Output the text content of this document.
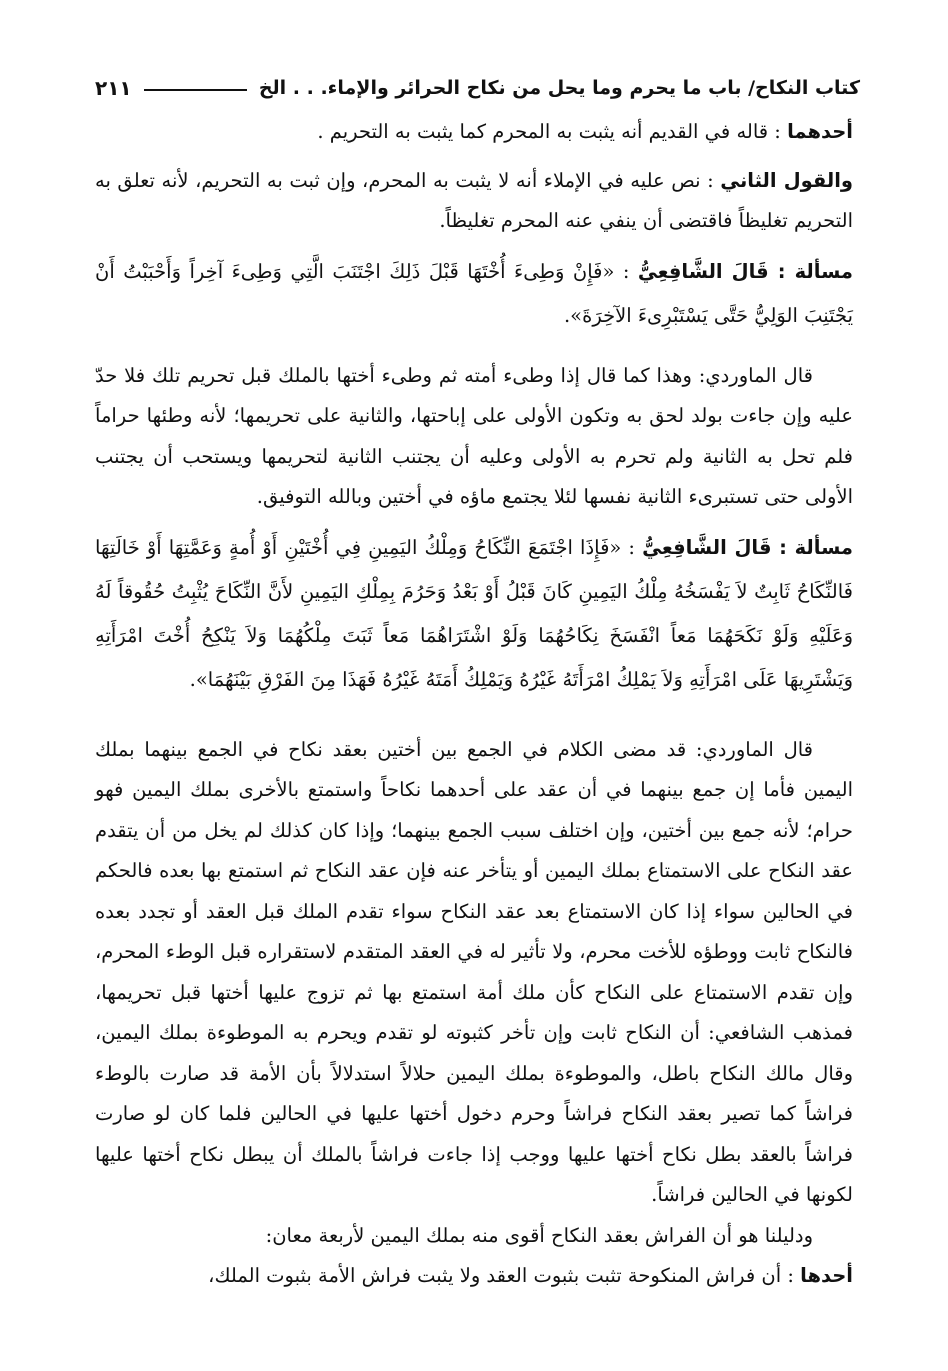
كتاب النكاح/ باب ما يحرم وما يحل من نكاح الحرائر والإماء. . . الخ
٢١١

أحدهما : قاله في القديم أنه يثبت به المحرم كما يثبت به التحريم .

والقول الثاني : نص عليه في الإملاء أنه لا يثبت به المحرم، وإن ثبت به التحريم، لأنه تعلق به التحريم تغليظاً فاقتضى أن ينفي عنه المحرم تغليظاً.

مسألة : قَالَ الشَّافِعِيُّ : «فَإِنْ وَطِىءَ أُخْتَهَا قَبْلَ ذَلِكَ اجْتَنَبَ الَّتِي وَطِىءَ آخِراً وَأَحْبَبْتُ أَنْ يَجْتَنِبَ الوَلِيُّ حَتَّى يَسْتَبْرِىءَ الآخِرَةَ».

قال الماوردي: وهذا كما قال إذا وطىء أمته ثم وطىء أختها بالملك قبل تحريم تلك فلا حدّ عليه وإن جاءت بولد لحق به وتكون الأولى على إباحتها، والثانية على تحريمها؛ لأنه وطئها حراماً فلم تحل به الثانية ولم تحرم به الأولى وعليه أن يجتنب الثانية لتحريمها ويستحب أن يجتنب الأولى حتى تستبرىء الثانية نفسها لئلا يجتمع ماؤه في أختين وبالله التوفيق.

مسألة : قَالَ الشَّافِعِيُّ : «فَإِذَا اجْتَمَعَ النِّكَاحُ وَمِلْكُ اليَمِينِ فِي أُخْتَيْنِ أَوْ أُمةٍ وَعَمَّتِهَا أَوْ خَالَتِهَا فَالنِّكَاحُ ثَابِتٌ لاَ يَفْسَخُهُ مِلْكُ اليَمِينِ كَانَ قَبْلُ أَوْ بَعْدُ وَحَرُمَ بِمِلْكِ اليَمِينِ لأَنَّ النِّكَاحَ يُثْبِتُ حُقُوقاً لَهُ وَعَلَيْهِ وَلَوْ نَكَحَهُمَا مَعاً انْفَسَخَ نِكَاحُهُمَا وَلَوْ اشْتَرَاهُمَا مَعاً ثَبَتَ مِلْكُهُمَا وَلاَ يَنْكِحُ أُخْتَ امْرَأَتِهِ وَيَشْتَرِيهَا عَلَى امْرَأَتِهِ وَلاَ يَمْلِكُ امْرَأَتَهُ غَيْرُهُ وَيَمْلِكُ أَمَتَهُ غَيْرُهُ فَهَذَا مِنَ الفَرْقِ بَيْنَهُمَا».

قال الماوردي: قد مضى الكلام في الجمع بين أختين بعقد نكاح في الجمع بينهما بملك اليمين فأما إن جمع بينهما في أن عقد على أحدهما نكاحاً واستمتع بالأخرى بملك اليمين فهو حرام؛ لأنه جمع بين أختين، وإن اختلف سبب الجمع بينهما؛ وإذا كان كذلك لم يخل من أن يتقدم عقد النكاح على الاستمتاع بملك اليمين أو يتأخر عنه فإن عقد النكاح ثم استمتع بها بعده فالحكم في الحالين سواء إذا كان الاستمتاع بعد عقد النكاح سواء تقدم الملك قبل العقد أو تجدد بعده فالنكاح ثابت ووطؤه للأخت محرم، ولا تأثير له في العقد المتقدم لاستقراره قبل الوطء المحرم، وإن تقدم الاستمتاع على النكاح كأن ملك أمة استمتع بها ثم تزوج عليها أختها قبل تحريمها، فمذهب الشافعي: أن النكاح ثابت وإن تأخر كثبوته لو تقدم ويحرم به الموطوءة بملك اليمين، وقال مالك النكاح باطل، والموطوءة بملك اليمين حلالاً استدلالاً بأن الأمة قد صارت بالوطء فراشاً كما تصير بعقد النكاح فراشاً وحرم دخول أختها عليها في الحالين فلما كان لو صارت فراشاً بالعقد بطل نكاح أختها عليها ووجب إذا جاءت فراشاً بالملك أن يبطل نكاح أختها عليها لكونها في الحالين فراشاً.

ودليلنا هو أن الفراش بعقد النكاح أقوى منه بملك اليمين لأربعة معان:

أحدها : أن فراش المنكوحة تثبت بثبوت العقد ولا يثبت فراش الأمة بثبوت الملك،
